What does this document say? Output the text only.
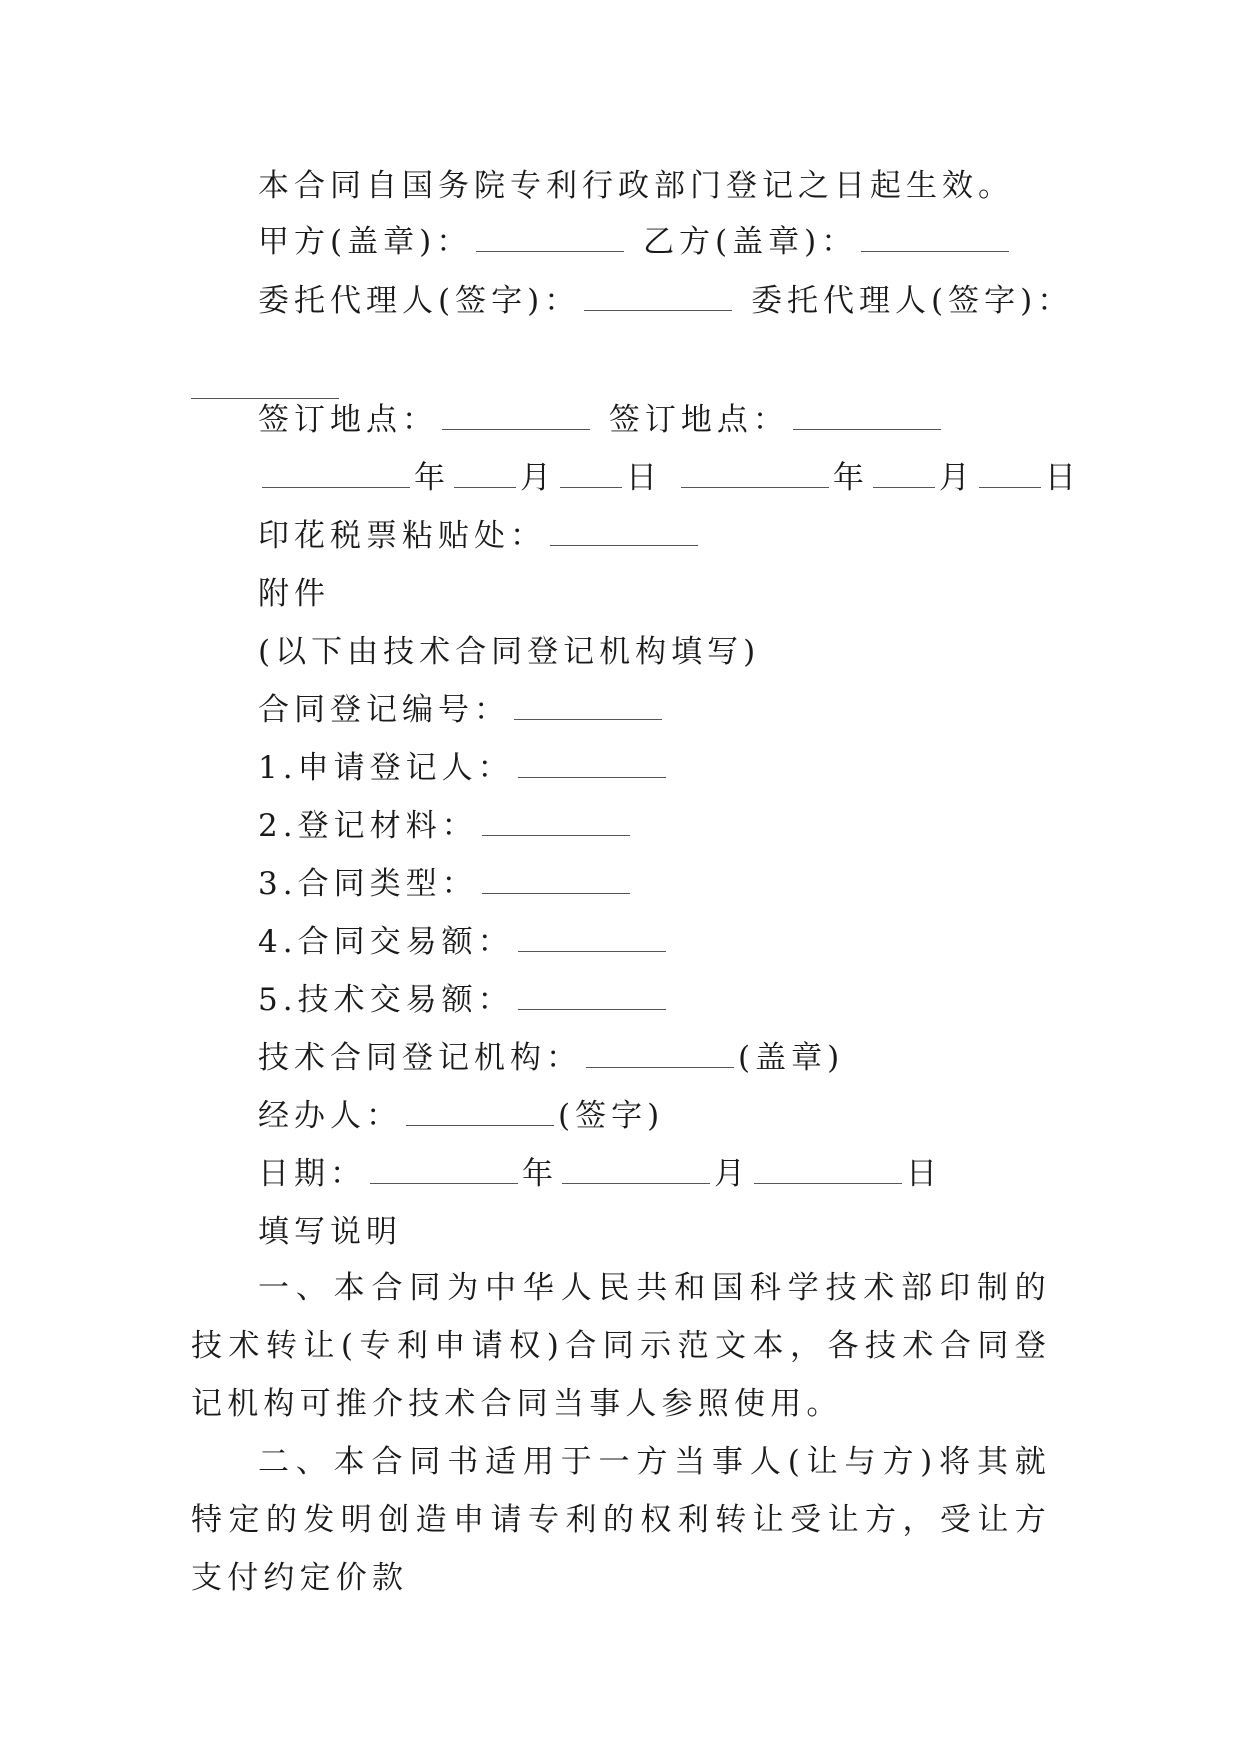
本合同自国务院专利行政部门登记之日起生效。
甲方(盖章)：	乙方(盖章)：
委托代理人(签字)：	委托代理人(签字)：
签订地点：	签订地点：
年 月 日	年 月 日
印花税票粘贴处：
附件
(以下由技术合同登记机构填写)
合同登记编号：
1.申请登记人：
2.登记材料：
3.合同类型：
4.合同交易额：
5.技术交易额：
技术合同登记机构：	(盖章)
经办人：	(签字)
日期：	年	月	日
填写说明
一、本合同为中华人民共和国科学技术部印制的技术转让(专利申请权)合同示范文本，各技术合同登记机构可推介技术合同当事人参照使用。
二、本合同书适用于一方当事人(让与方)将其就特定的发明创造申请专利的权利转让受让方，受让方支付约定价款
